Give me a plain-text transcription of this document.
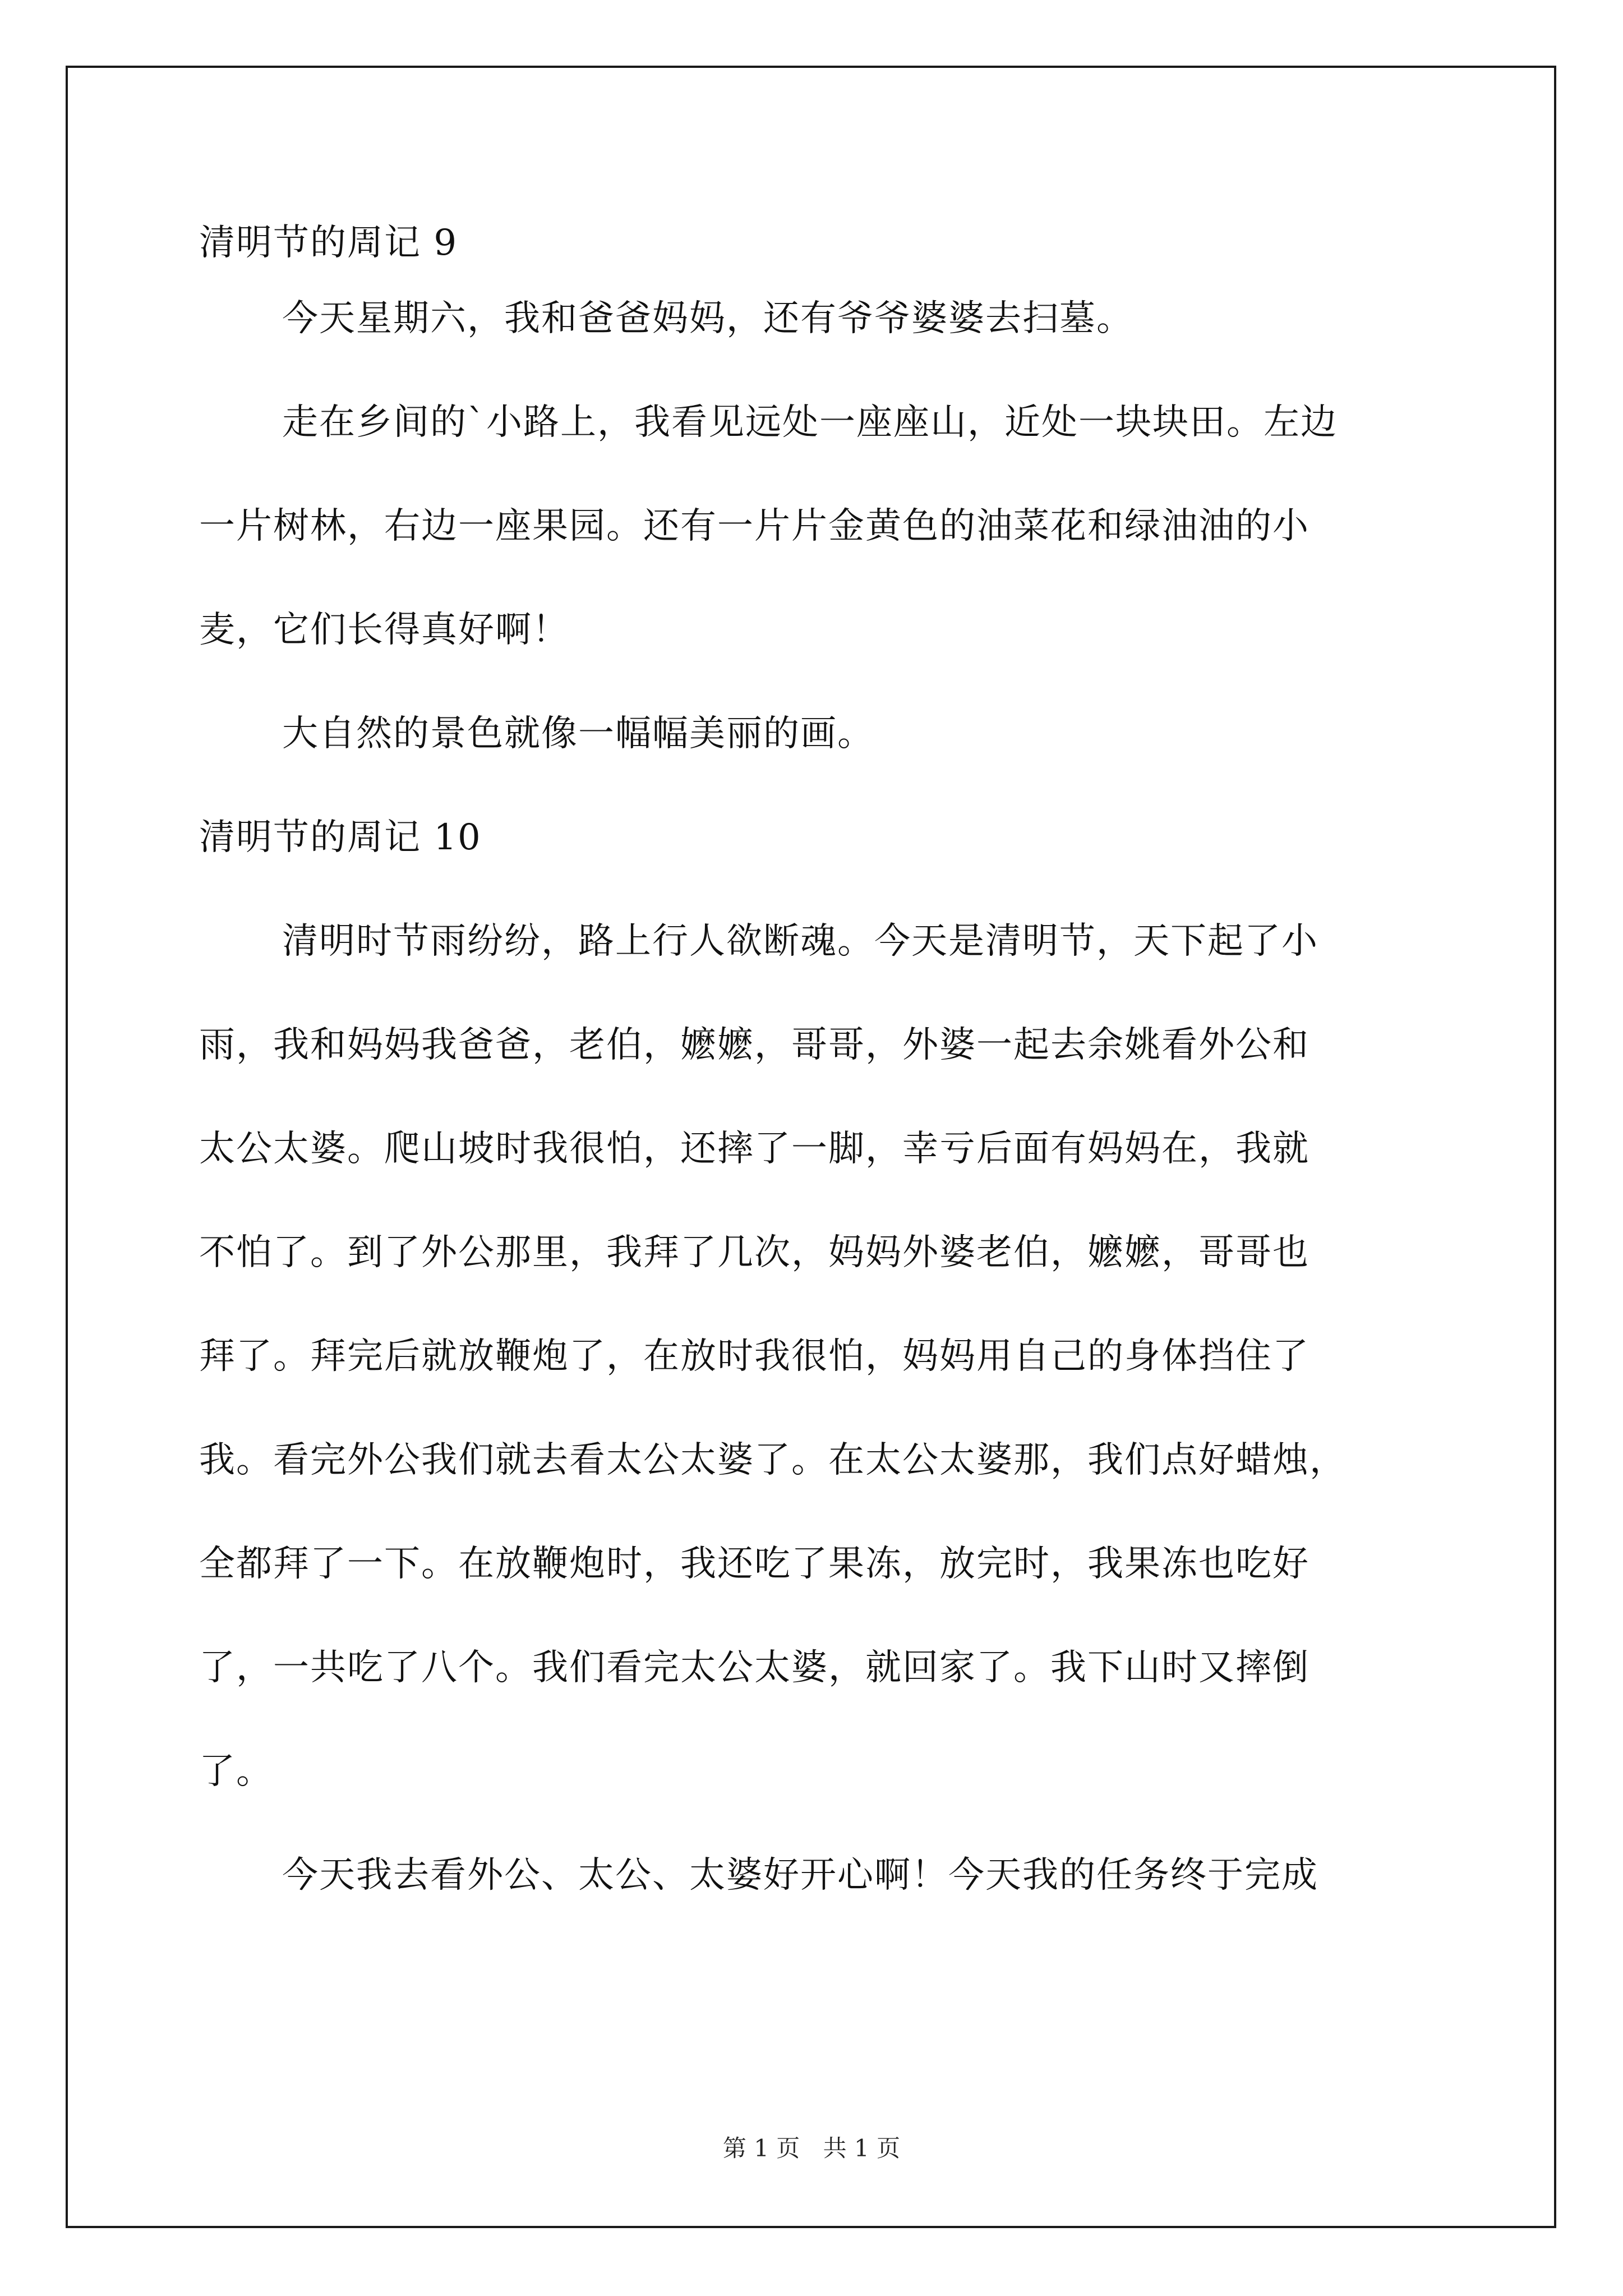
清明节的周记 9
今天星期六，我和爸爸妈妈，还有爷爷婆婆去扫墓。
走在乡间的`小路上，我看见远处一座座山，近处一块块田。左边
一片树林，右边一座果园。还有一片片金黄色的油菜花和绿油油的小
麦，它们长得真好啊！
大自然的景色就像一幅幅美丽的画。
清明节的周记 10
清明时节雨纷纷，路上行人欲断魂。今天是清明节，天下起了小
雨，我和妈妈我爸爸，老伯，嬷嬷，哥哥，外婆一起去余姚看外公和
太公太婆。爬山坡时我很怕，还摔了一脚，幸亏后面有妈妈在，我就
不怕了。到了外公那里，我拜了几次，妈妈外婆老伯，嬷嬷，哥哥也
拜了。拜完后就放鞭炮了，在放时我很怕，妈妈用自己的身体挡住了
我。看完外公我们就去看太公太婆了。在太公太婆那，我们点好蜡烛，
全都拜了一下。在放鞭炮时，我还吃了果冻，放完时，我果冻也吃好
了，一共吃了八个。我们看完太公太婆，就回家了。我下山时又摔倒
了。
今天我去看外公、太公、太婆好开心啊！今天我的任务终于完成
第 1 页 共 1 页
